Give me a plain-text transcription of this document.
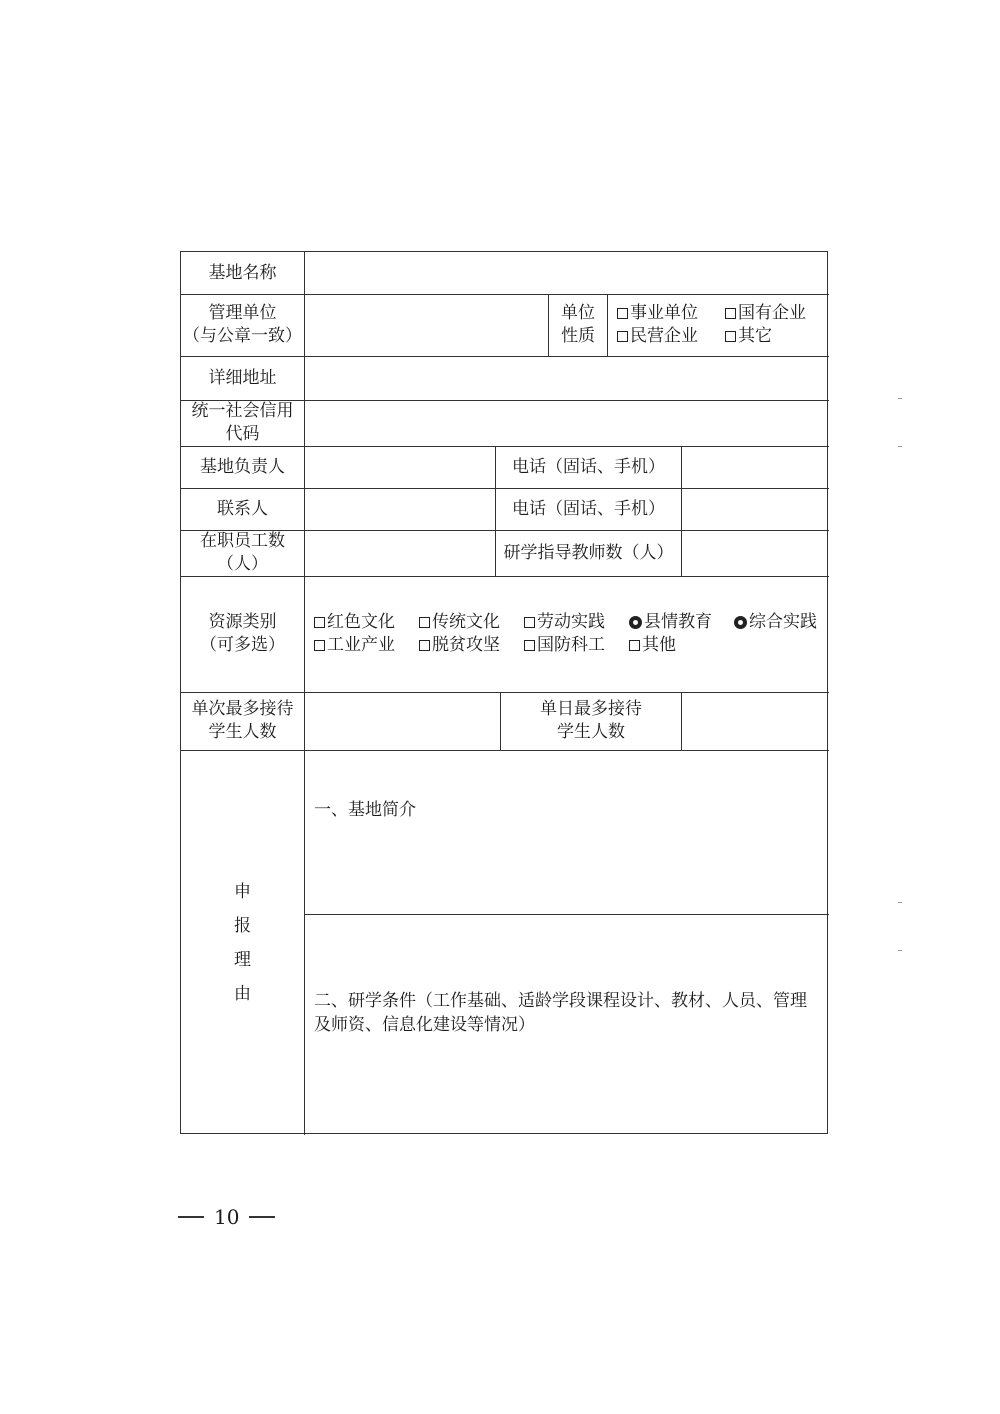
基地名称
管理单位
（与公章一致）
单位
性质
事业单位 国有企业
民营企业 其它
详细地址
统一社会信用
代码
基地负责人	电话（固话、手机）
联系人	电话（固话、手机）
在职员工数
（人）
研学指导教师数（人）
资源类别
（可多选）
红色文化 传统文化 劳动实践 县情教育 综合实践
工业产业 脱贫攻坚 国防科工 其他
单次最多接待
学生人数
单日最多接待
学生人数
申
报
理
由
一、基地简介
二、研学条件（工作基础、适龄学段课程设计、教材、人员、管理
及师资、信息化建设等情况）
10
